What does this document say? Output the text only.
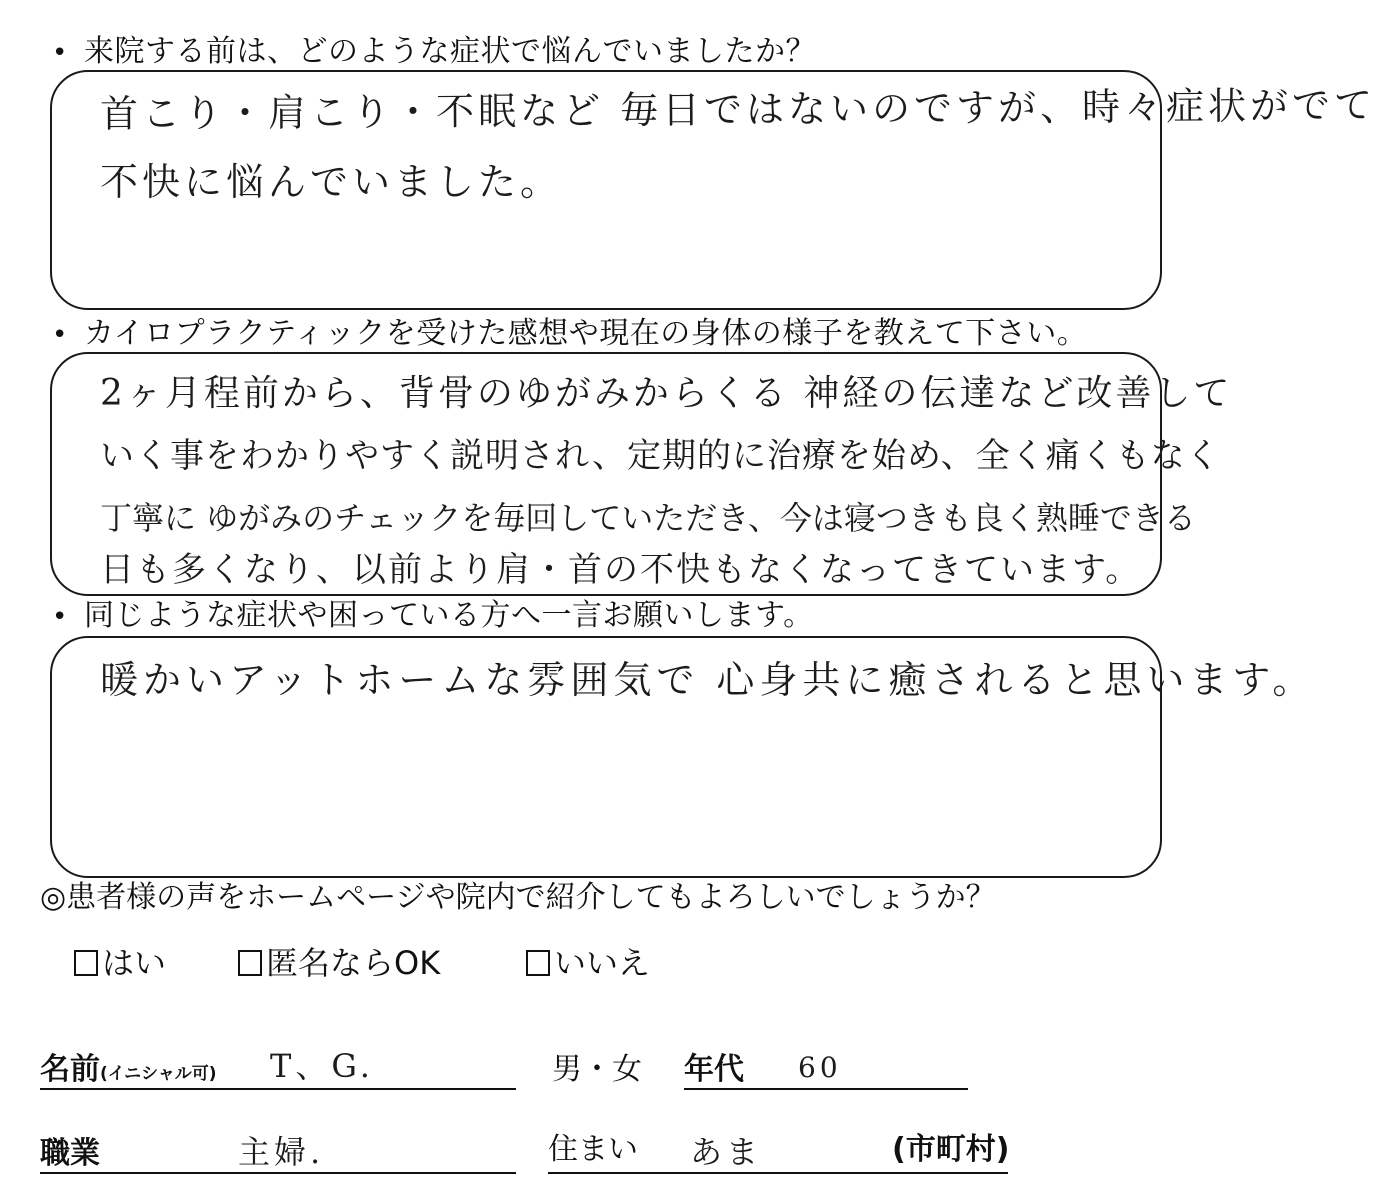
• 来院する前は、どのような症状で悩んでいましたか？
首こり・肩こり・不眠など 毎日ではないのですが、時々症状がでて
不快に悩んでいました。
• カイロプラクティックを受けた感想や現在の身体の様子を教えて下さい。
2ヶ月程前から、背骨のゆがみからくる 神経の伝達など改善して
いく事をわかりやすく説明され、定期的に治療を始め、全く痛くもなく
丁寧に ゆがみのチェックを毎回していただき、今は寝つきも良く熟睡できる
日も多くなり、以前より肩・首の不快もなくなってきています。
• 同じような症状や困っている方へ一言お願いします。
暖かいアットホームな雰囲気で 心身共に癒されると思います。
◎患者様の声をホームページや院内で紹介してもよろしいでしょうか？
はい	匿名ならOK	いいえ
名前(イニシャル可) T、G.	男・女 年代 60
職業	主婦.	住まい あま	(市町村)
